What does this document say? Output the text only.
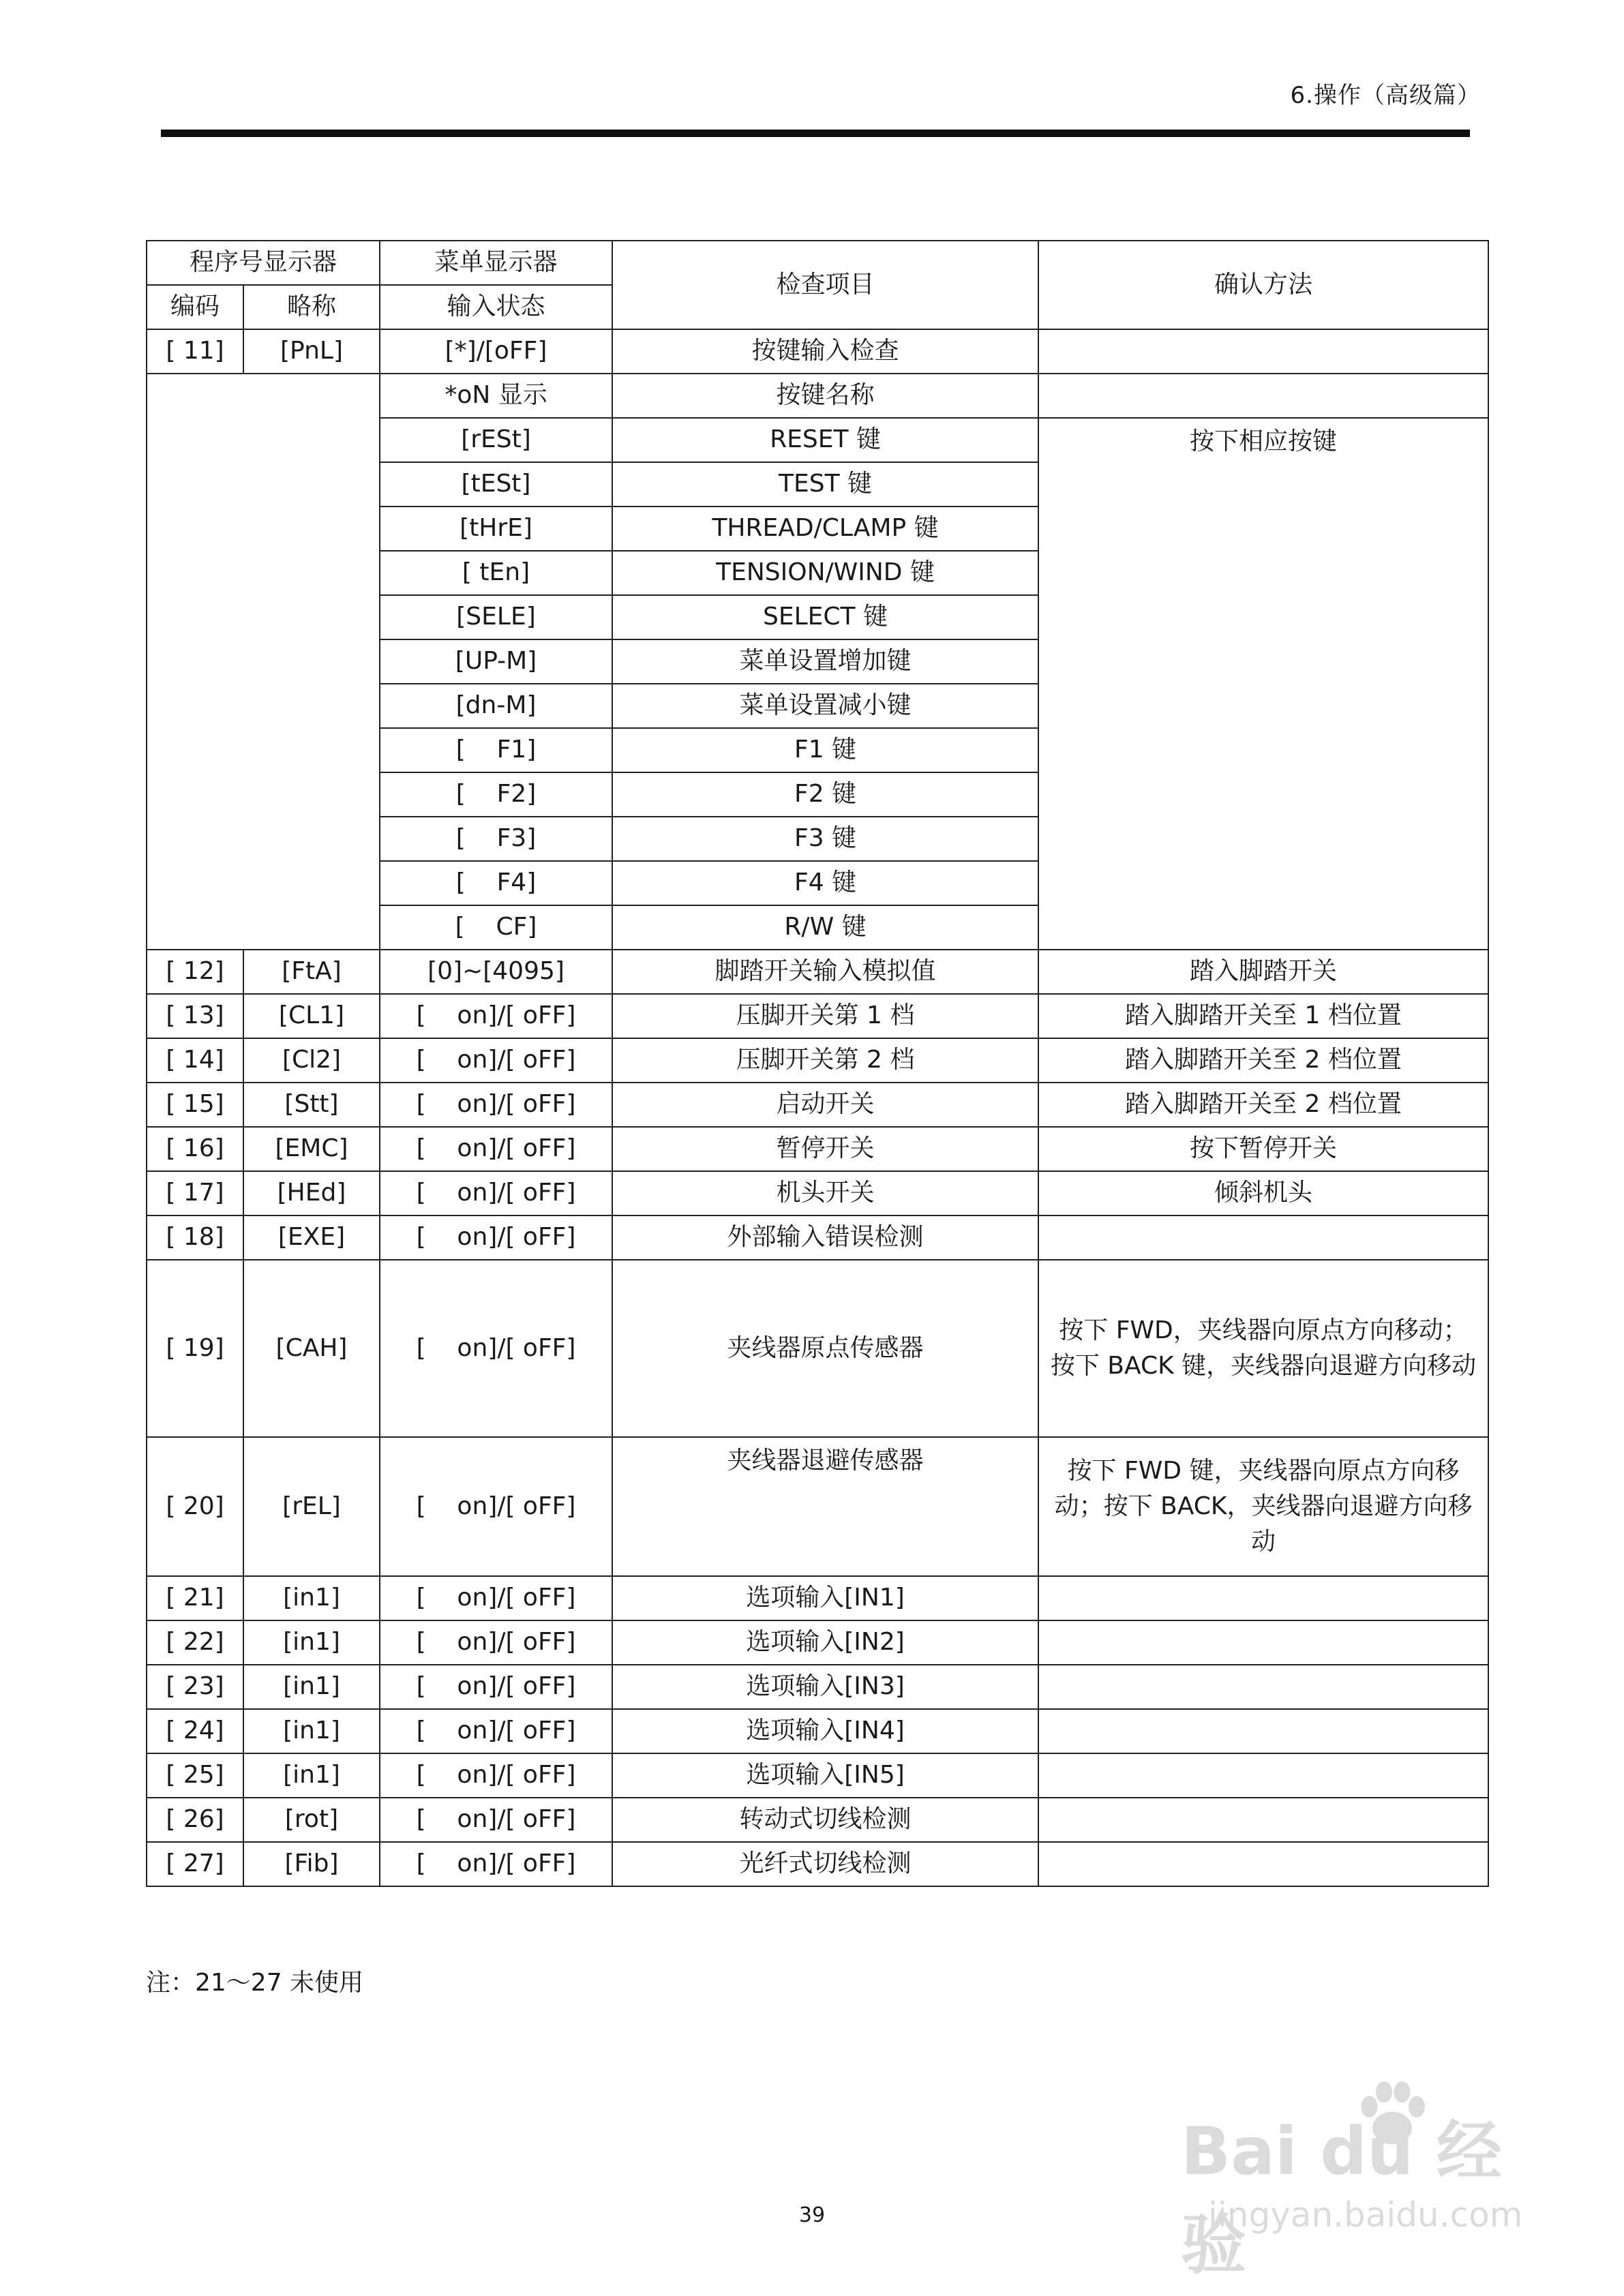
6.操作（高级篇）
程序号显示器		菜单显示器	检查项目	确认方法
编码	略称	输入状态		
[ 11]	[PnL]	[*]/[oFF]	按键输入检查	
		*oN 显示	按键名称	
		[rESt]	RESET 键	按下相应按键
		[tESt]	TEST 键	
		[tHrE]	THREAD/CLAMP 键	
		[ tEn]	TENSION/WIND 键	
		[SELE]	SELECT 键	
		[UP-M]	菜单设置增加键	
		[dn-M]	菜单设置减小键	
		[    F1]	F1 键	
		[    F2]	F2 键	
		[    F3]	F3 键	
		[    F4]	F4 键	
		[    CF]	R/W 键	
[ 12]	[FtA]	[0]~[4095]	脚踏开关输入模拟值	踏入脚踏开关
[ 13]	[CL1]	[    on]/[ oFF]	压脚开关第 1 档	踏入脚踏开关至 1 档位置
[ 14]	[Cl2]	[    on]/[ oFF]	压脚开关第 2 档	踏入脚踏开关至 2 档位置
[ 15]	[Stt]	[    on]/[ oFF]	启动开关	踏入脚踏开关至 2 档位置
[ 16]	[EMC]	[    on]/[ oFF]	暂停开关	按下暂停开关
[ 17]	[HEd]	[    on]/[ oFF]	机头开关	倾斜机头
[ 18]	[EXE]	[    on]/[ oFF]	外部输入错误检测	
[ 19]	[CAH]	[    on]/[ oFF]	夹线器原点传感器	按下 FWD，夹线器向原点方向移动；
按下 BACK 键，夹线器向退避方向移动

[ 20]	[rEL]	[    on]/[ oFF]	夹线器退避传感器	按下 FWD 键，夹线器向原点方向移动；按下 BACK，夹线器向退避方向移动
[ 21]	[in1]	[    on]/[ oFF]	选项输入[IN1]	
[ 22]	[in1]	[    on]/[ oFF]	选项输入[IN2]	
[ 23]	[in1]	[    on]/[ oFF]	选项输入[IN3]	
[ 24]	[in1]	[    on]/[ oFF]	选项输入[IN4]	
[ 25]	[in1]	[    on]/[ oFF]	选项输入[IN5]	
[ 26]	[rot]	[    on]/[ oFF]	转动式切线检测	
[ 27]	[Fib]	[    on]/[ oFF]	光纤式切线检测	
注：21～27 未使用
Bai du 经验
jingyan.baidu.com
39
